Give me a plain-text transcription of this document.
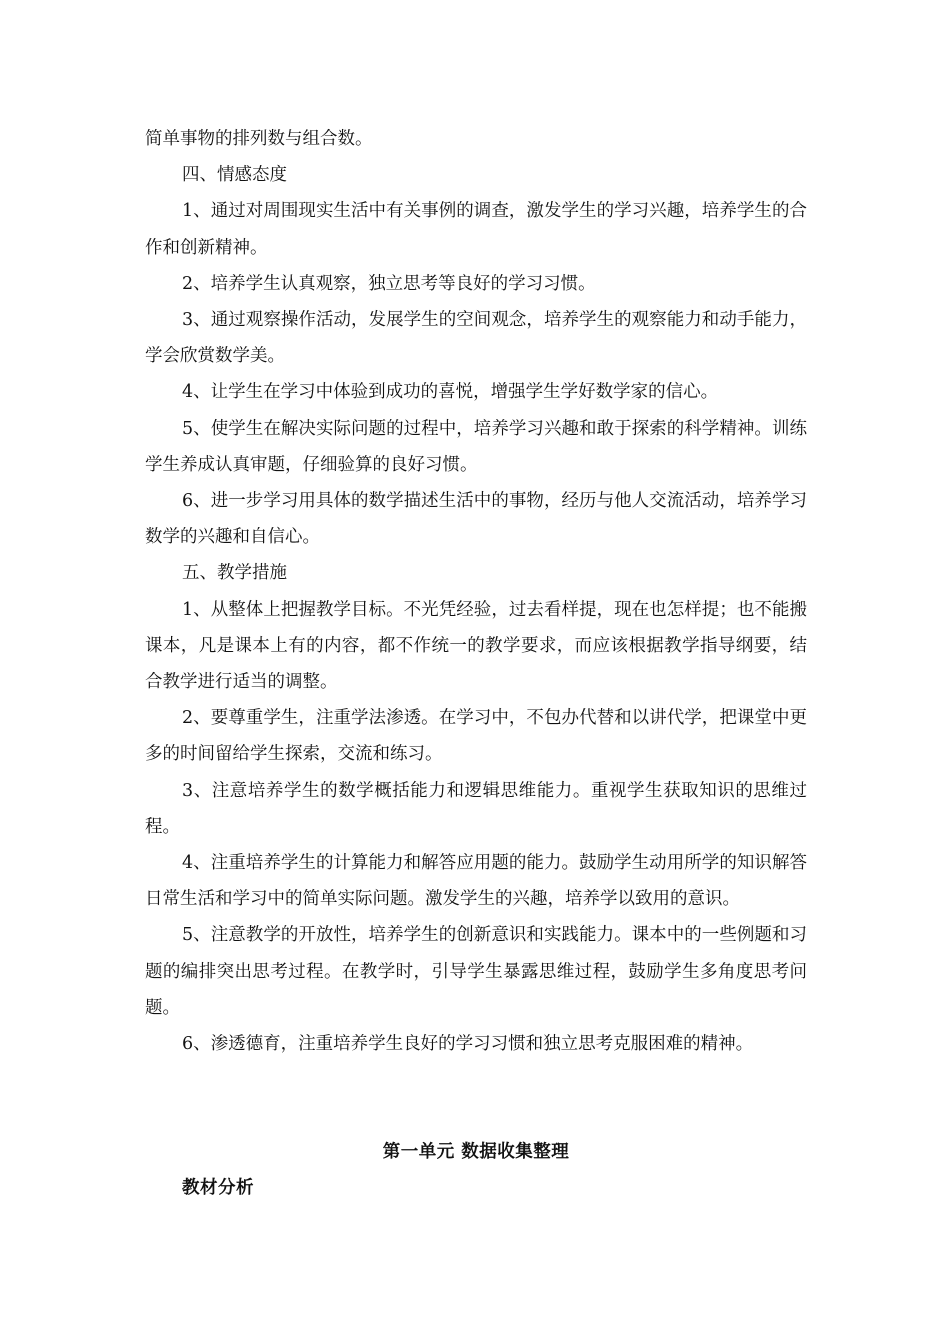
简单事物的排列数与组合数。

四、情感态度

1、通过对周围现实生活中有关事例的调查，激发学生的学习兴趣，培养学生的合作和创新精神。

2、培养学生认真观察，独立思考等良好的学习习惯。

3、通过观察操作活动，发展学生的空间观念，培养学生的观察能力和动手能力，学会欣赏数学美。

4、让学生在学习中体验到成功的喜悦，增强学生学好数学家的信心。

5、使学生在解决实际问题的过程中，培养学习兴趣和敢于探索的科学精神。训练学生养成认真审题，仔细验算的良好习惯。

6、进一步学习用具体的数学描述生活中的事物，经历与他人交流活动，培养学习数学的兴趣和自信心。

五、教学措施

1、从整体上把握教学目标。不光凭经验，过去看样提，现在也怎样提；也不能搬课本，凡是课本上有的内容，都不作统一的教学要求，而应该根据教学指导纲要，结合教学进行适当的调整。

2、要尊重学生，注重学法渗透。在学习中，不包办代替和以讲代学，把课堂中更多的时间留给学生探索，交流和练习。

3、注意培养学生的数学概括能力和逻辑思维能力。重视学生获取知识的思维过程。

4、注重培养学生的计算能力和解答应用题的能力。鼓励学生动用所学的知识解答日常生活和学习中的简单实际问题。激发学生的兴趣，培养学以致用的意识。

5、注意教学的开放性，培养学生的创新意识和实践能力。课本中的一些例题和习题的编排突出思考过程。在教学时，引导学生暴露思维过程，鼓励学生多角度思考问题。

6、渗透德育，注重培养学生良好的学习习惯和独立思考克服困难的精神。

第一单元 数据收集整理

教材分析
